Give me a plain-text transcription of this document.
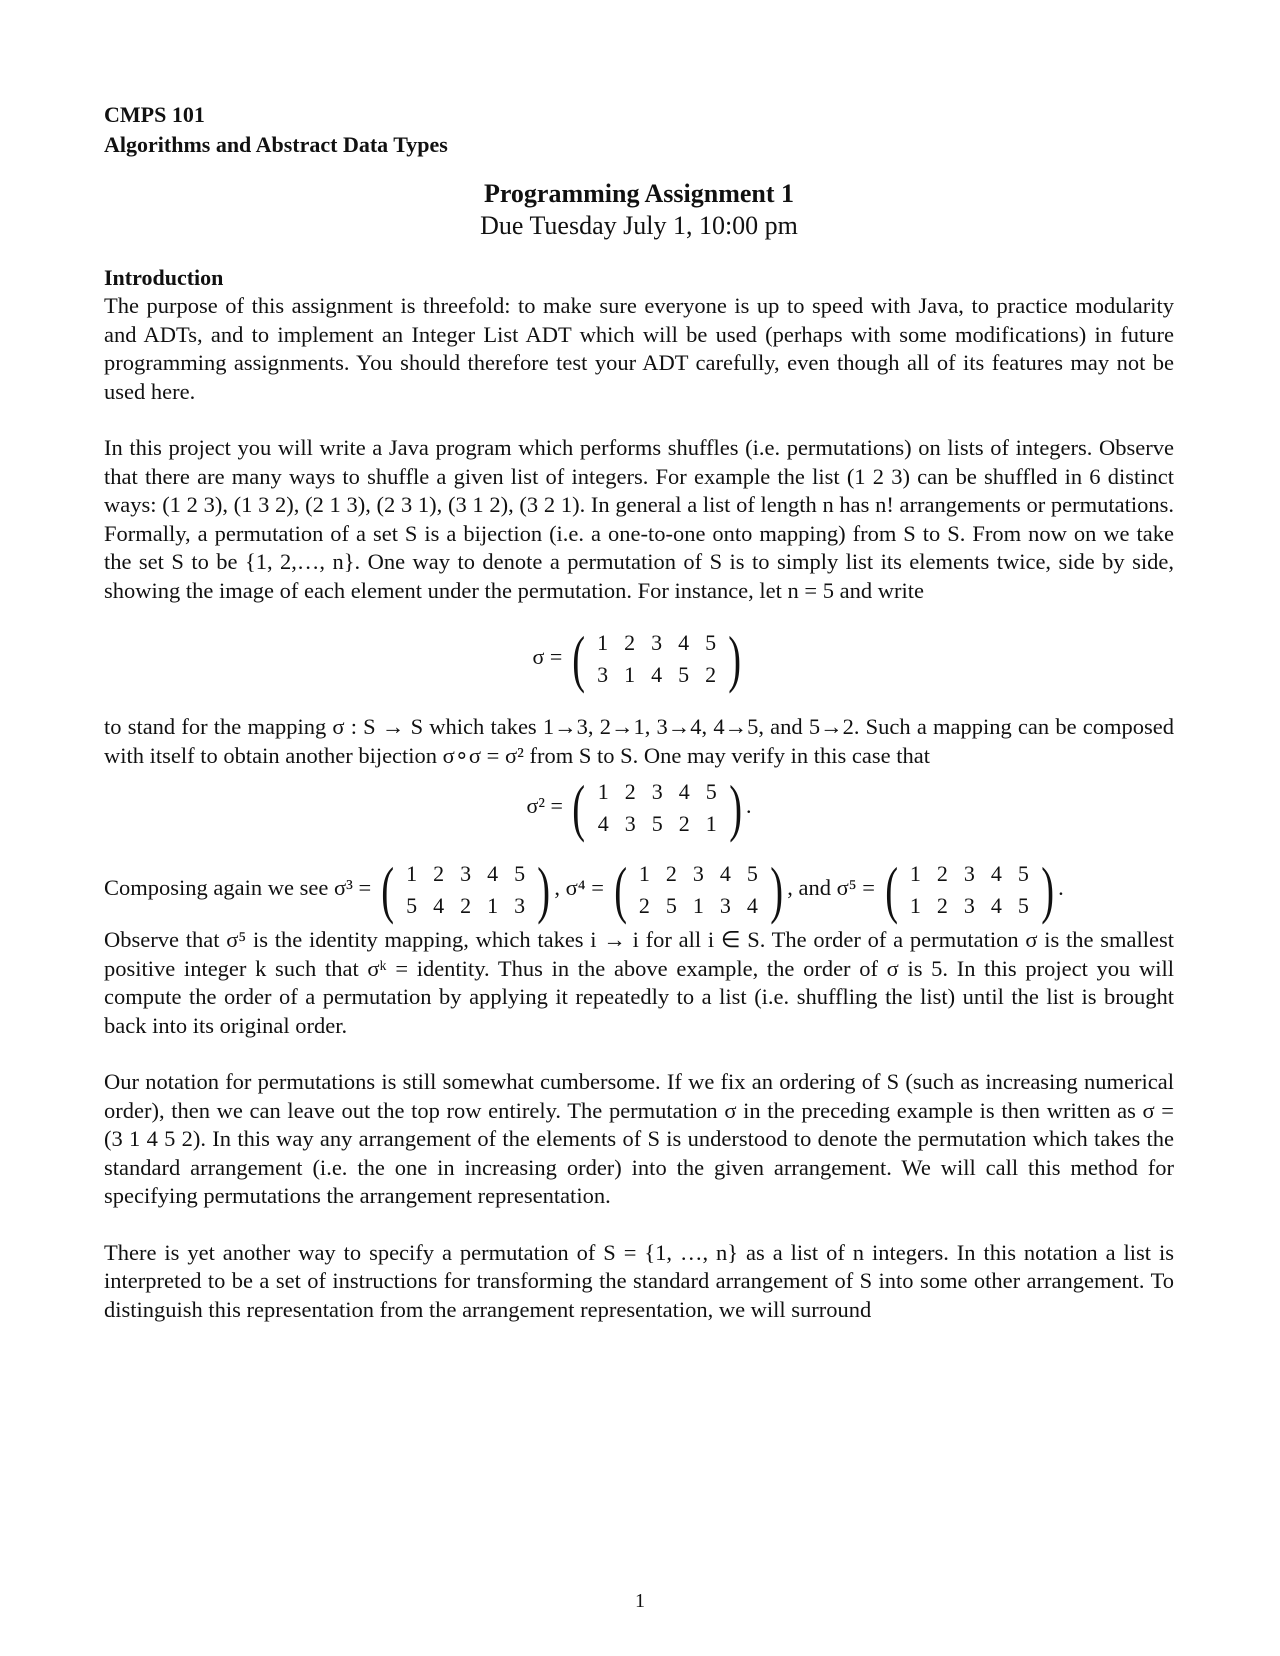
CMPS 101
Algorithms and Abstract Data Types
Programming Assignment 1
Due Tuesday July 1, 10:00 pm
Introduction

The purpose of this assignment is threefold: to make sure everyone is up to speed with Java, to practice modularity and ADTs, and to implement an Integer List ADT which will be used (perhaps with some modifications) in future programming assignments. You should therefore test your ADT carefully, even though all of its features may not be used here.

In this project you will write a Java program which performs shuffles (i.e. permutations) on lists of integers. Observe that there are many ways to shuffle a given list of integers. For example the list (1 2 3) can be shuffled in 6 distinct ways: (1 2 3), (1 3 2), (2 1 3), (2 3 1), (3 1 2), (3 2 1). In general a list of length n has n! arrangements or permutations. Formally, a permutation of a set S is a bijection (i.e. a one-to-one onto mapping) from S to S. From now on we take the set S to be {1, 2,…, n}. One way to denote a permutation of S is to simply list its elements twice, side by side, showing the image of each element under the permutation. For instance, let n = 5 and write

σ = ( 1 2 3 4 5
3 1 4 5 2 )

to stand for the mapping σ : S → S which takes 1→3, 2→1, 3→4, 4→5, and 5→2. Such a mapping can be composed with itself to obtain another bijection σ∘σ = σ² from S to S. One may verify in this case that

σ² = ( 1 2 3 4 5
4 3 5 2 1 ) .
Composing again we see σ³ = ( 1 2 3 4 5
5 4 2 1 3 ) , σ⁴ = ( 1 2 3 4 5
2 5 1 3 4 ) , and σ⁵ = ( 1 2 3 4 5
1 2 3 4 5 ) .

Observe that σ⁵ is the identity mapping, which takes i → i for all i ∈ S. The order of a permutation σ is the smallest positive integer k such that σᵏ = identity. Thus in the above example, the order of σ is 5. In this project you will compute the order of a permutation by applying it repeatedly to a list (i.e. shuffling the list) until the list is brought back into its original order.

Our notation for permutations is still somewhat cumbersome. If we fix an ordering of S (such as increasing numerical order), then we can leave out the top row entirely. The permutation σ in the preceding example is then written as σ = (3 1 4 5 2). In this way any arrangement of the elements of S is understood to denote the permutation which takes the standard arrangement (i.e. the one in increasing order) into the given arrangement. We will call this method for specifying permutations the arrangement representation.

There is yet another way to specify a permutation of S = {1, …, n} as a list of n integers. In this notation a list is interpreted to be a set of instructions for transforming the standard arrangement of S into some other arrangement. To distinguish this representation from the arrangement representation, we will surround

1
